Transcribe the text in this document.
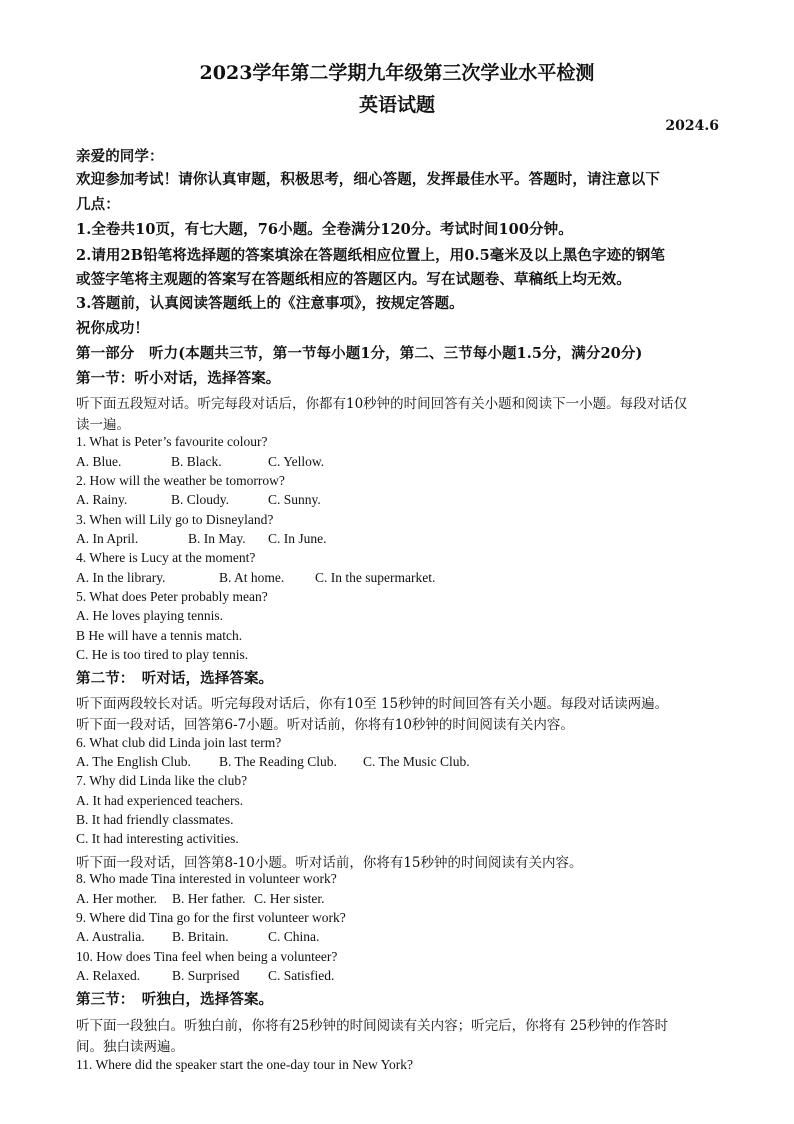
2023学年第二学期九年级第三次学业水平检测
英语试题
2024.6
亲爱的同学：
欢迎参加考试！请你认真审题，积极思考，细心答题，发挥最佳水平。答题时，请注意以下
几点：
1.全卷共10页，有七大题，76小题。全卷满分120分。考试时间100分钟。
2.请用2B铅笔将选择题的答案填涂在答题纸相应位置上，用0.5毫米及以上黑色字迹的钢笔
或签字笔将主观题的答案写在答题纸相应的答题区内。写在试题卷、草稿纸上均无效。
3.答题前，认真阅读答题纸上的《注意事项》，按规定答题。
祝你成功！
第一部分　听力(本题共三节，第一节每小题1分，第二、三节每小题1.5分，满分20分)
第一节：听小对话，选择答案。
听下面五段短对话。听完每段对话后，你都有10秒钟的时间回答有关小题和阅读下一小题。每段对话仅
读一遍。
1. What is Peter’s favourite colour?
A. Blue.	B. Black.	C. Yellow.
2. How will the weather be tomorrow?
A. Rainy.	B. Cloudy.	C. Sunny.
3. When will Lily go to Disneyland?
A. In April.	B. In May. C. In June.
4. Where is Lucy at the moment?
A. In the library.	B. At home. C. In the supermarket.
5. What does Peter probably mean?
A. He loves playing tennis.
B He will have a tennis match.
C. He is too tired to play tennis.
第二节：　听对话，选择答案。
听下面两段较长对话。听完每段对话后，你有10至 15秒钟的时间回答有关小题。每段对话读两遍。
听下面一段对话，回答第6-7小题。听对话前，你将有10秒钟的时间阅读有关内容。
6. What club did Linda join last term?
A. The English Club. B. The Reading Club. C. The Music Club.
7. Why did Linda like the club?
A. It had experienced teachers.
B. It had friendly classmates.
C. It had interesting activities.
听下面一段对话，回答第8-10小题。听对话前，你将有15秒钟的时间阅读有关内容。
8. Who made Tina interested in volunteer work?
A. Her mother. B. Her father. C. Her sister.
9. Where did Tina go for the first volunteer work?
A. Australia. B. Britain.	C. China.
10. How does Tina feel when being a volunteer?
A. Relaxed. B. Surprised C. Satisfied.
第三节：　听独白，选择答案。
听下面一段独白。听独白前，你将有25秒钟的时间阅读有关内容；听完后，你将有 25秒钟的作答时
间。独白读两遍。
11. Where did the speaker start the one-day tour in New York?
